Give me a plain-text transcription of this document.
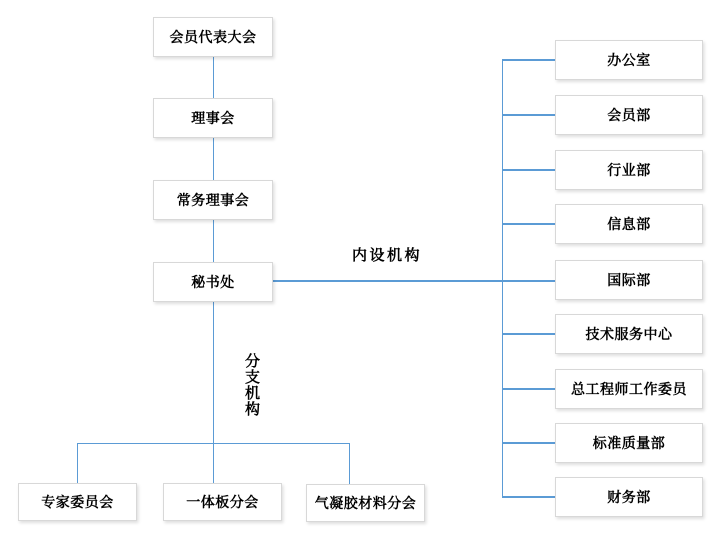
会员代表大会
理事会
常务理事会
秘书处
内设机构
分支机构
办公室
会员部
行业部
信息部
国际部
技术服务中心
总工程师工作委员
标准质量部
财务部
专家委员会	一体板分会	气凝胶材料分会
